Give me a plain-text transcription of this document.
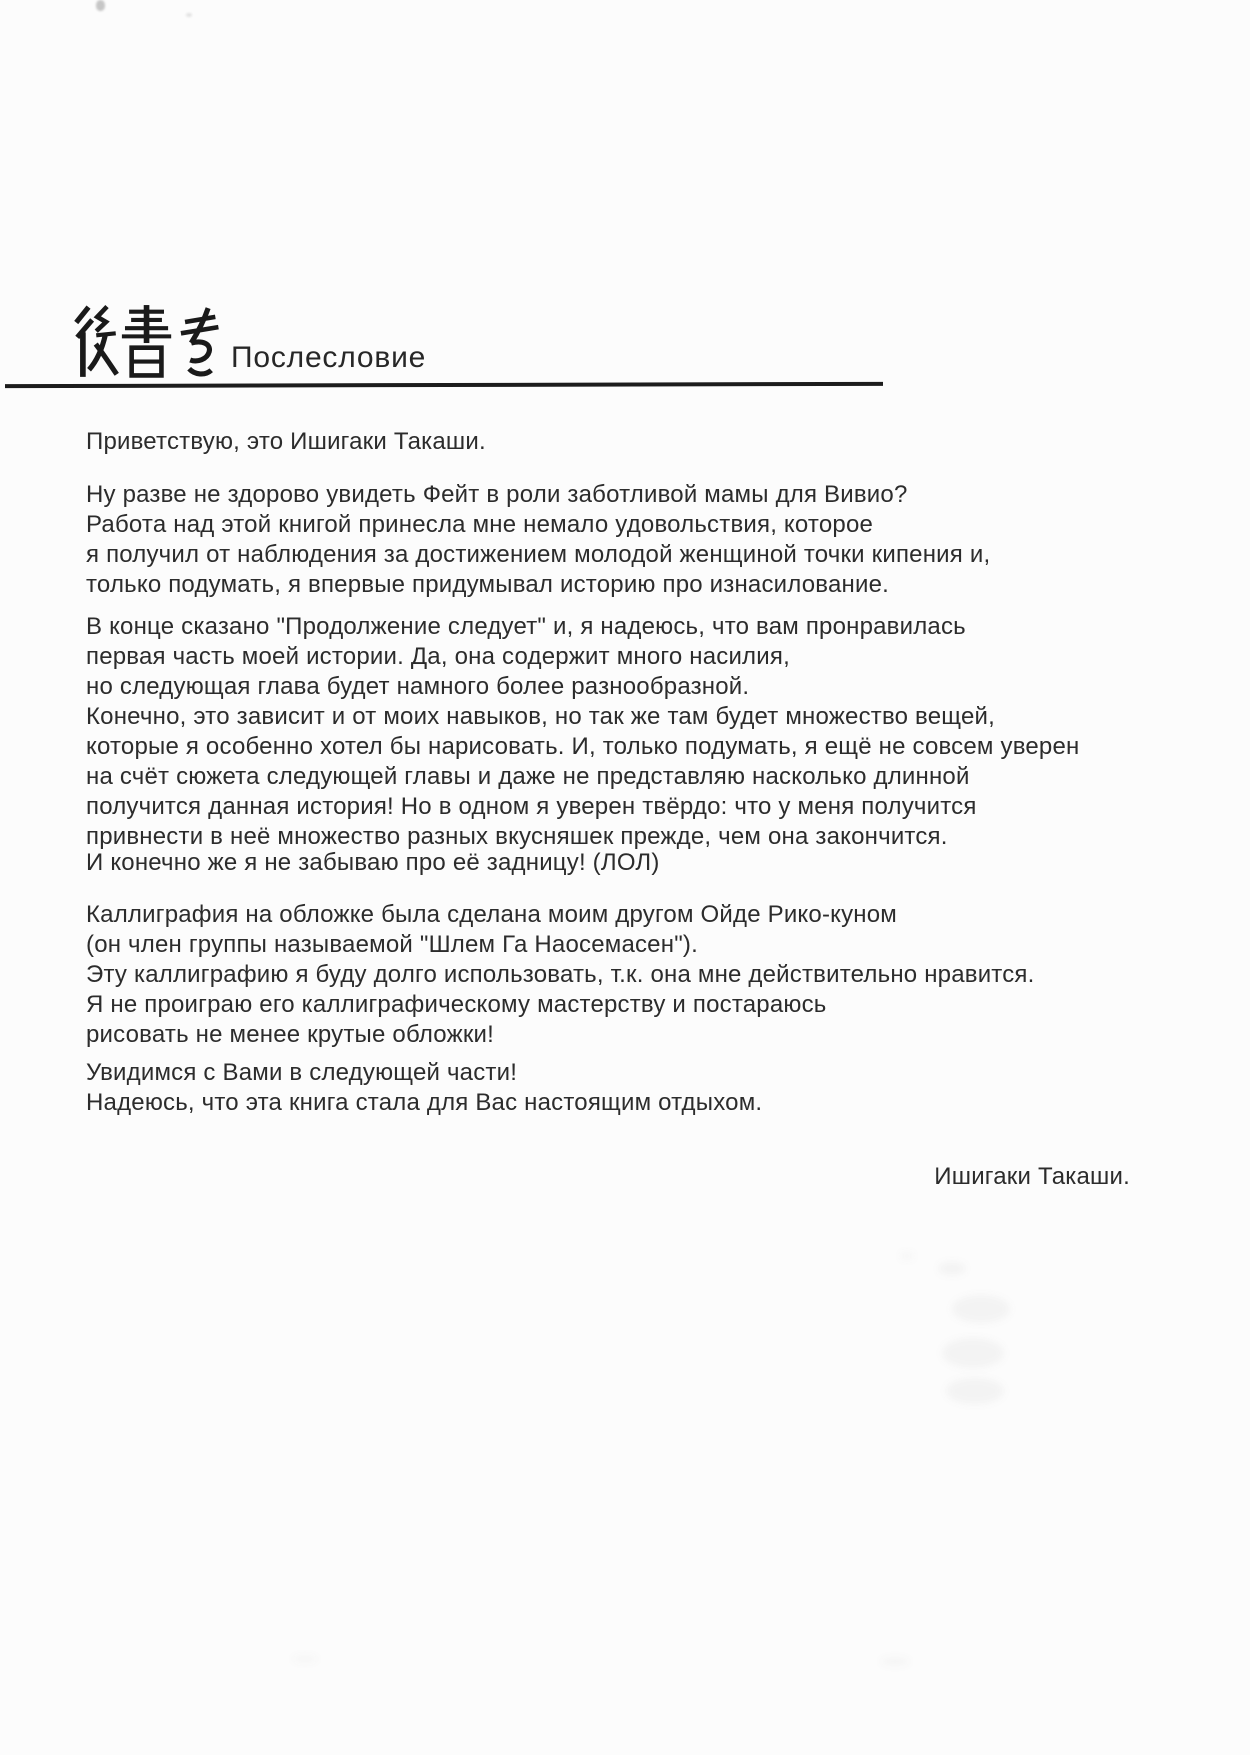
Послесловие

Приветствую, это Ишигаки Такаши.

Ну разве не здорово увидеть Фейт в роли заботливой мамы для Вивио?
Работа над этой книгой принесла мне немало удовольствия, которое
я получил от наблюдения за достижением молодой женщиной точки кипения и,
только подумать, я впервые придумывал историю про изнасилование.

В конце сказано "Продолжение следует" и, я надеюсь, что вам пронравилась
первая часть моей истории. Да, она содержит много насилия,
но следующая глава будет намного более разнообразной.
Конечно, это зависит и от моих навыков, но так же там будет множество вещей,
которые я особенно хотел бы нарисовать. И, только подумать, я ещё не совсем уверен
на счёт сюжета следующей главы и даже не представляю насколько длинной
получится данная история! Но в одном я уверен твёрдо: что у меня получится
привнести в неё множество разных вкусняшек прежде, чем она закончится.

И конечно же я не забываю про её задницу! (ЛОЛ)

Каллиграфия на обложке была сделана моим другом Ойде Рико-куном
(он член группы называемой "Шлем Га Наосемасен").
Эту каллиграфию я буду долго использовать, т.к. она мне действительно нравится.
Я не проиграю его каллиграфическому мастерству и постараюсь
рисовать не менее крутые обложки!

Увидимся с Вами в следующей части!
Надеюсь, что эта книга стала для Вас настоящим отдыхом.

Ишигаки Такаши.
